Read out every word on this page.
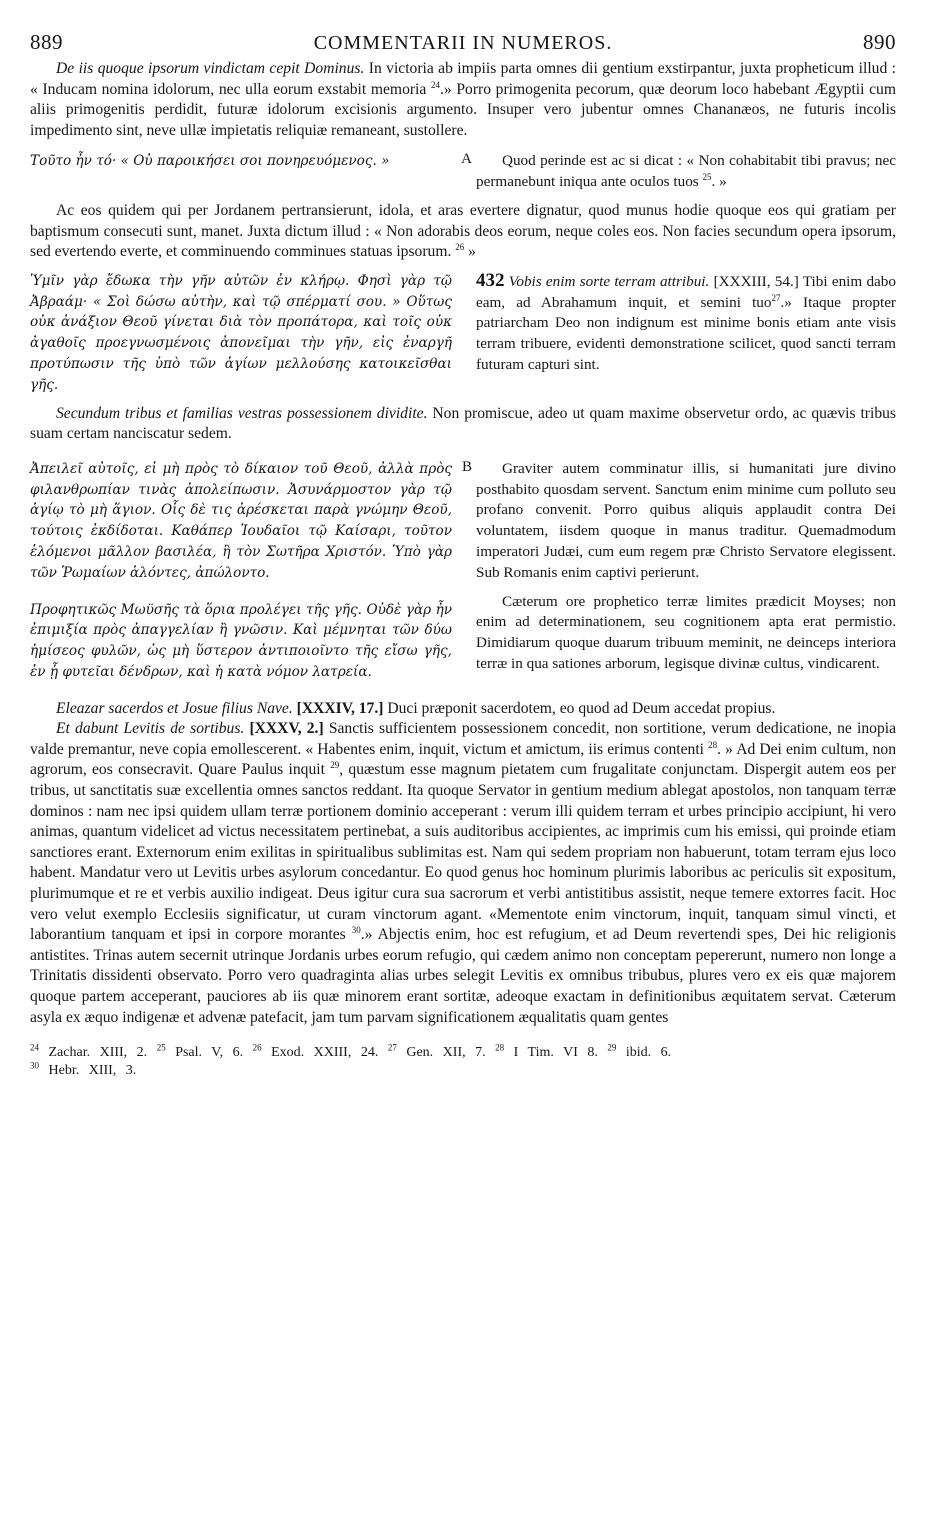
889	COMMENTARII IN NUMEROS.	890

De iis quoque ipsorum vindictam cepit Dominus. In victoria ab impiis parta omnes dii gentium exstirpantur, juxta propheticum illud : « Inducam nomina idolorum, nec ulla eorum exstabit memoria $^{24}$.» Porro primogenita pecorum, quæ deorum loco habebant Ægyptii cum aliis primogenitis perdidit, futuræ idolorum excisionis argumento. Insuper vero jubentur omnes Chananæos, ne futuris incolis impedimento sint, neve ullæ impietatis reliquiæ remaneant, sustollere.

Τοῦτο ἦν τό· « Οὐ παροικήσει σοι πονηρευόμενος. »	A	Quod perinde est ac si dicat : « Non cohabitabit tibi pravus; nec permanebunt iniqua ante oculos tuos $^{25}$. »

Ac eos quidem qui per Jordanem pertransierunt, idola, et aras evertere dignatur, quod munus hodie quoque eos qui gratiam per baptismum consecuti sunt, manet. Juxta dictum illud : « Non adorabis deos eorum, neque coles eos. Non facies secundum opera ipsorum, sed evertendo everte, et comminuendo comminues statuas ipsorum. $^{26}$ »

Ὑμῖν γὰρ ἔδωκα τὴν γῆν αὐτῶν ἐν κλήρῳ. Φησὶ γὰρ τῷ Ἀβραάμ· « Σοὶ δώσω αὐτὴν, καὶ τῷ σπέρματί σου. » Οὕτως οὐκ ἀνάξιον Θεοῦ γίνεται διὰ τὸν προπάτορα, καὶ τοῖς οὐκ ἀγαθοῖς προεγνωσμένοις ἀπονεῖμαι τὴν γῆν, εἰς ἐναργῆ προτύπωσιν τῆς ὑπὸ τῶν ἁγίων μελλούσης κατοικεῖσθαι γῆς.

432 Vobis enim sorte terram attribui. [XXXIII, 54.] Tibi enim dabo eam, ad Abrahamum inquit, et semini tuo$^{27}$.» Itaque propter patriarcham Deo non indignum est minime bonis etiam ante visis terram tribuere, evidenti demonstratione scilicet, quod sancti terram futuram capturi sint.

Secundum tribus et familias vestras possessionem dividite. Non promiscue, adeo ut quam maxime observetur ordo, ac quævis tribus suam certam nanciscatur sedem.

Ἀπειλεῖ αὐτοῖς, εἰ μὴ πρὸς τὸ δίκαιον τοῦ Θεοῦ, ἀλλὰ πρὸς φιλανθρωπίαν τινὰς ἀπολείπωσιν. Ἀσυνάρμοστον γὰρ τῷ ἁγίῳ τὸ μὴ ἅγιον. Οἷς δὲ τις ἀρέσκεται παρὰ γνώμην Θεοῦ, τούτοις ἐκδίδοται. Καθάπερ Ἰουδαῖοι τῷ Καίσαρι, τοῦτον ἑλόμενοι μᾶλλον βασιλέα, ἢ τὸν Σωτῆρα Χριστόν. Ὑπὸ γὰρ τῶν Ῥωμαίων ἁλόντες, ἀπώλοντο.

B

Προφητικῶς Μωϋσῆς τὰ ὅρια προλέγει τῆς γῆς. Οὐδὲ γὰρ ἦν ἐπιμιξία πρὸς ἀπαγγελίαν ἢ γνῶσιν. Καὶ μέμνηται τῶν δύω ἡμίσεος φυλῶν, ὡς μὴ ὕστερον ἀντιποιοῖντο τῆς εἴσω γῆς, ἐν ᾗ φυτεῖαι δένδρων, καὶ ἡ κατὰ νόμον λατρεία.

Graviter autem comminatur illis, si humanitati jure divino posthabito quosdam servent. Sanctum enim minime cum polluto seu profano convenit. Porro quibus aliquis applaudit contra Dei voluntatem, iisdem quoque in manus traditur. Quemadmodum imperatori Judæi, cum eum regem præ Christo Servatore elegissent. Sub Romanis enim captivi perierunt.

Cæterum ore prophetico terræ limites prædicit Moyses; non enim ad determinationem, seu cognitionem apta erat permistio. Dimidiarum quoque duarum tribuum meminit, ne deinceps interiora terræ in qua sationes arborum, legisque divinæ cultus, vindicarent.

Eleazar sacerdos et Josue filius Nave. [XXXIV, 17.] Duci præponit sacerdotem, eo quod ad Deum accedat propius.

Et dabunt Levitis de sortibus. [XXXV, 2.] Sanctis sufficientem possessionem concedit, non sortitione, verum dedicatione, ne inopia valde premantur, neve copia emollescerent. « Habentes enim, inquit, victum et amictum, iis erimus contenti $^{28}$. » Ad Dei enim cultum, non agrorum, eos consecravit. Quare Paulus inquit $^{29}$, quæstum esse magnum pietatem cum frugalitate conjunctam. Dispergit autem eos per tribus, ut sanctitatis suæ excellentia omnes sanctos reddant. Ita quoque Servator in gentium medium ablegat apostolos, non tanquam terræ dominos : nam nec ipsi quidem ullam terræ portionem dominio acceperant : verum illi quidem terram et urbes principio accipiunt, hi vero animas, quantum videlicet ad victus necessitatem pertinebat, a suis auditoribus accipientes, ac imprimis cum his emissi, qui proinde etiam sanctiores erant. Externorum enim exilitas in spiritualibus sublimitas est. Nam qui sedem propriam non habuerunt, totam terram ejus loco habent. Mandatur vero ut Levitis urbes asylorum concedantur. Eo quod genus hoc hominum plurimis laboribus ac periculis sit expositum, plurimumque et re et verbis auxilio indigeat. Deus igitur cura sua sacrorum et verbi antistitibus assistit, neque temere extorres facit. Hoc vero velut exemplo Ecclesiis significatur, ut curam vinctorum agant. «Mementote enim vinctorum, inquit, tanquam simul vincti, et laborantium tanquam et ipsi in corpore morantes $^{30}$.» Abjectis enim, hoc est refugium, et ad Deum revertendi spes, Dei hic religionis antistites. Trinas autem secernit utrinque Jordanis urbes eorum refugio, qui cædem animo non conceptam pepererunt, numero non longe a Trinitatis dissidenti observato. Porro vero quadraginta alias urbes selegit Levitis ex omnibus tribubus, plures vero ex eis quæ majorem quoque partem acceperant, pauciores ab iis quæ minorem erant sortitæ, adeoque exactam in definitionibus æquitatem servat. Cæterum asyla ex æquo indigenæ et advenæ patefacit, jam tum parvam significationem æqualitatis quam gentes

$^{24}$ Zachar. XIII, 2. $^{25}$ Psal. V, 6. $^{26}$ Exod. XXIII, 24. $^{27}$ Gen. XII, 7. $^{28}$ I Tim. VI 8. $^{29}$ ibid. 6.
$^{30}$ Hebr. XIII, 3.
